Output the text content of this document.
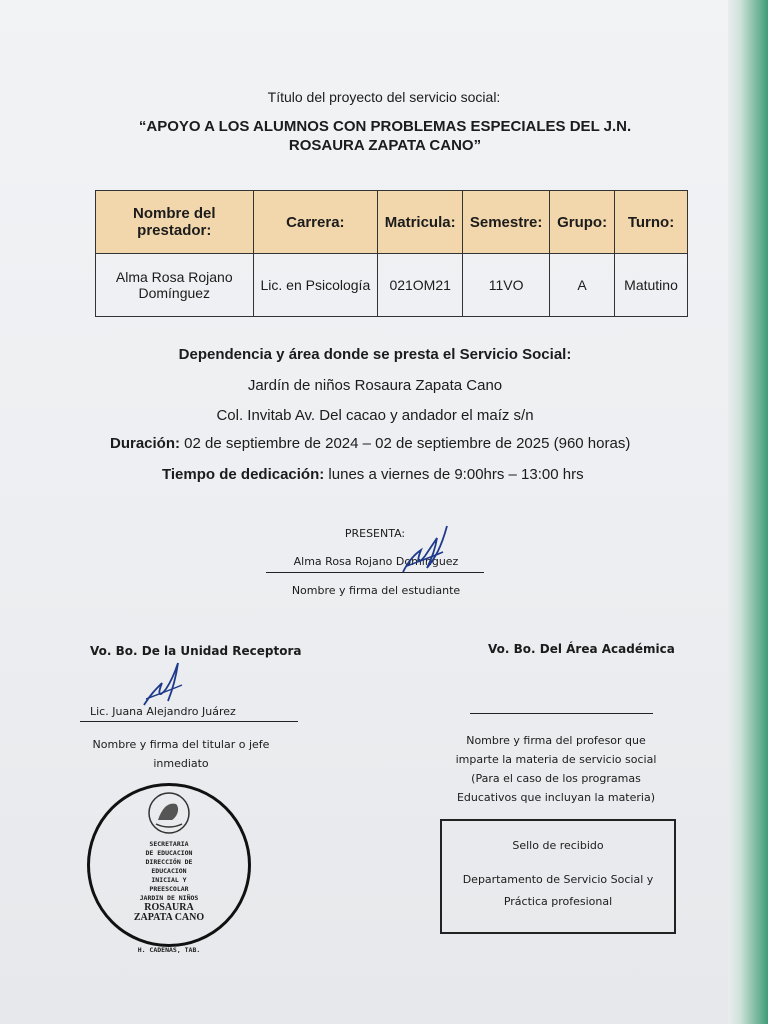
Título del proyecto del servicio social:
“APOYO A LOS ALUMNOS CON PROBLEMAS ESPECIALES DEL J.N.
ROSAURA ZAPATA CANO”
Nombre del prestador:	Carrera:	Matricula:	Semestre:	Grupo:	Turno:
Alma Rosa Rojano Domínguez	Lic. en Psicología	021OM21	11VO	A	Matutino
Dependencia y área donde se presta el Servicio Social:
Jardín de niños Rosaura Zapata Cano
Col. Invitab Av. Del cacao y andador el maíz s/n
Duración: 02 de septiembre de 2024 – 02 de septiembre de 2025 (960 horas)
Tiempo de dedicación: lunes a viernes de 9:00hrs – 13:00 hrs
PRESENTA:
Alma Rosa Rojano Domínguez
Nombre y firma del estudiante
Vo. Bo. De la Unidad Receptora	Vo. Bo. Del Área Académica
Lic. Juana Alejandro Juárez
Nombre y firma del titular o jefe
inmediato
Nombre y firma del profesor que
imparte la materia de servicio social
(Para el caso de los programas
Educativos que incluyan la materia)
SECRETARIA
DE EDUCACION
DIRECCIÓN DE
EDUCACION
INICIAL Y
PREESCOLAR
JARDIN DE NIÑOS
ROSAURA
ZAPATA CANO
H. CADENAS, TAB.
Sello de recibido
Departamento de Servicio Social y
Práctica profesional
